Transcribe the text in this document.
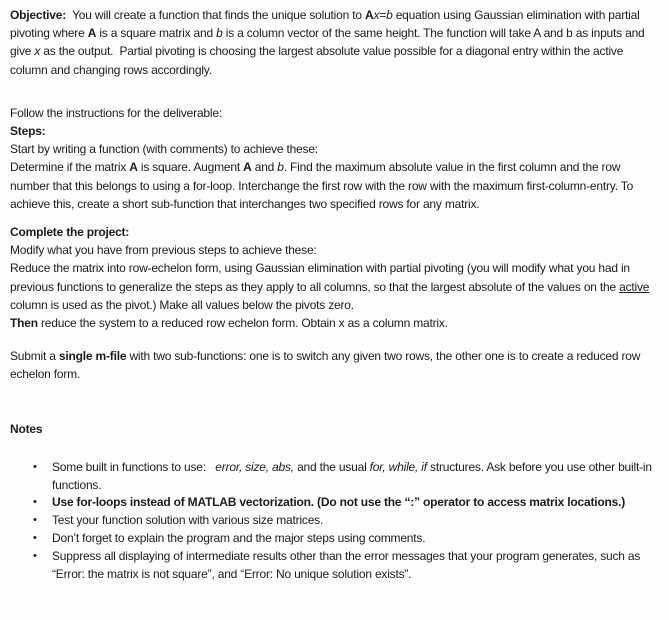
Objective:  You will create a function that finds the unique solution to Ax=b equation using Gaussian elimination with partial pivoting where A is a square matrix and b is a column vector of the same height. The function will take A and b as inputs and give x as the output.  Partial pivoting is choosing the largest absolute value possible for a diagonal entry within the active column and changing rows accordingly.

Follow the instructions for the deliverable:
Steps:
Start by writing a function (with comments) to achieve these:

Determine if the matrix A is square. Augment A and b. Find the maximum absolute value in the first column and the row number that this belongs to using a for-loop. Interchange the first row with the row with the maximum first-column-entry. To achieve this, create a short sub-function that interchanges two specified rows for any matrix.

Complete the project:
Modify what you have from previous steps to achieve these:

Reduce the matrix into row-echelon form, using Gaussian elimination with partial pivoting (you will modify what you had in previous functions to generalize the steps as they apply to all columns, so that the largest absolute of the values on the active column is used as the pivot.) Make all values below the pivots zero.

Then reduce the system to a reduced row echelon form. Obtain x as a column matrix.

Submit a single m-file with two sub-functions: one is to switch any given two rows, the other one is to create a reduced row echelon form.

Notes
• Some built in functions to use:   error, size, abs, and the usual for, while, if structures. Ask before you use other built-in functions.
• Use for-loops instead of MATLAB vectorization. (Do not use the “:” operator to access matrix locations.)
• Test your function solution with various size matrices.
• Don’t forget to explain the program and the major steps using comments.
• Suppress all displaying of intermediate results other than the error messages that your program generates, such as “Error: the matrix is not square”, and “Error: No unique solution exists”.
